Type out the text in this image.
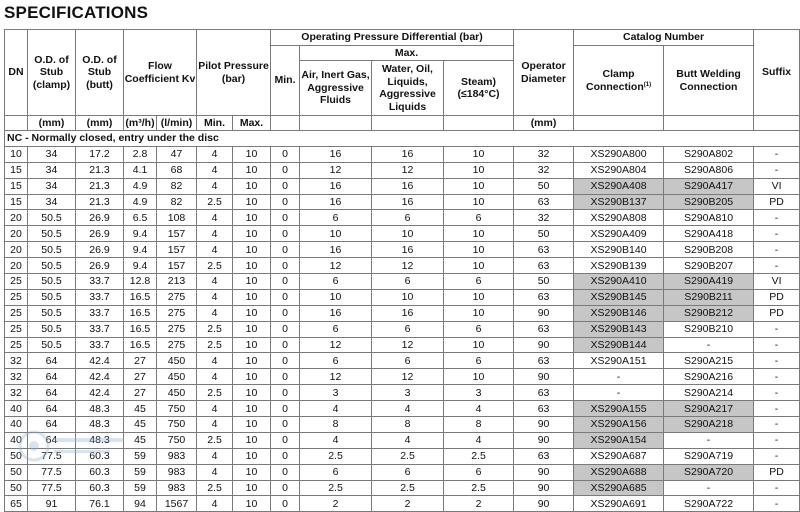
SPECIFICATIONS
DN	O.D. of Stub (clamp)	O.D. of Stub (butt)	Flow Coefficient Kv		Pilot Pressure (bar)		Operating Pressure Differential (bar)				Operator Diameter	Catalog Number		Suffix
							Min.	Max.				Clamp Connection$^{(1)}$	Butt Welding Connection	
								Air, Inert Gas, Aggressive Fluids	Water, Oil, Liquids, Aggressive Liquids	Steam) (≤184°C)				
	(mm)	(mm)	(m³/h)	(l/min)	Min.	Max.					(mm)			
NC - Normally closed, entry under the disc														
10	34	17.2	2.8	47	4	10	0	16	16	10	32	XS290A800	S290A802	-
15	34	21.3	4.1	68	4	10	0	12	12	10	32	XS290A804	S290A806	-
15	34	21.3	4.9	82	4	10	0	16	16	10	50	XS290A408	S290A417	VI
15	34	21.3	4.9	82	2.5	10	0	16	16	10	63	XS290B137	S290B205	PD
20	50.5	26.9	6.5	108	4	10	0	6	6	6	32	XS290A808	S290A810	-
20	50.5	26.9	9.4	157	4	10	0	10	10	10	50	XS290A409	S290A418	-
20	50.5	26.9	9.4	157	4	10	0	16	16	10	63	XS290B140	S290B208	-
20	50.5	26.9	9.4	157	2.5	10	0	12	12	10	63	XS290B139	S290B207	-
25	50.5	33.7	12.8	213	4	10	0	6	6	6	50	XS290A410	S290A419	VI
25	50.5	33.7	16.5	275	4	10	0	10	10	10	63	XS290B145	S290B211	PD
25	50.5	33.7	16.5	275	4	10	0	16	16	10	90	XS290B146	S290B212	PD
25	50.5	33.7	16.5	275	2.5	10	0	6	6	6	63	XS290B143	S290B210	-
25	50.5	33.7	16.5	275	2.5	10	0	12	12	10	90	XS290B144	-	-
32	64	42.4	27	450	4	10	0	6	6	6	63	XS290A151	S290A215	-
32	64	42.4	27	450	4	10	0	12	12	10	90	-	S290A216	-
32	64	42.4	27	450	2.5	10	0	3	3	3	63	-	S290A214	-
40	64	48.3	45	750	4	10	0	4	4	4	63	XS290A155	S290A217	-
40	64	48.3	45	750	4	10	0	8	8	8	90	XS290A156	S290A218	-
40	64	48.3	45	750	2.5	10	0	4	4	4	90	XS290A154	-	-
50	77.5	60.3	59	983	4	10	0	2.5	2.5	2.5	63	XS290A687	S290A719	-
50	77.5	60.3	59	983	4	10	0	6	6	6	90	XS290A688	S290A720	PD
50	77.5	60.3	59	983	2.5	10	0	2.5	2.5	2.5	90	XS290A685	-	-
65	91	76.1	94	1567	4	10	0	2	2	2	90	XS290A691	S290A722	-
